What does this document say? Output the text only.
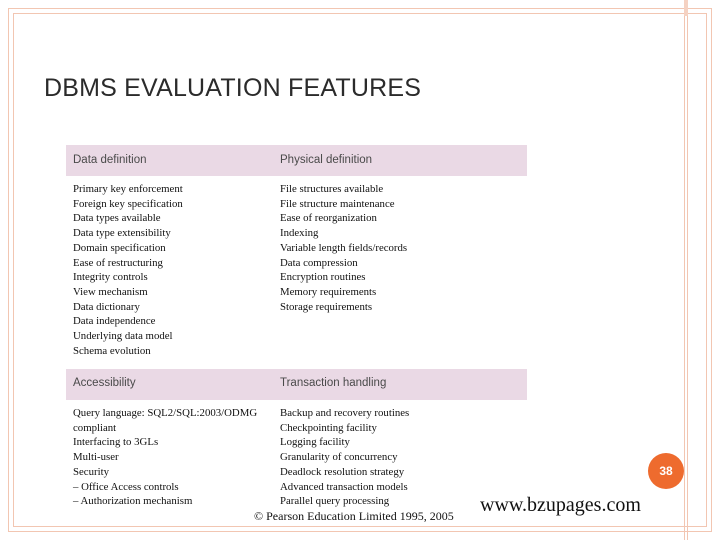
DBMS EVALUATION FEATURES
Data definition	Physical definition
Primary key enforcement
Foreign key specification
Data types available
Data type extensibility
Domain specification
Ease of restructuring
Integrity controls
View mechanism
Data dictionary
Data independence
Underlying data model
Schema evolution
File structures available
File structure maintenance
Ease of reorganization
Indexing
Variable length fields/records
Data compression
Encryption routines
Memory requirements
Storage requirements
Accessibility	Transaction handling
Query language: SQL2/SQL:2003/ODMG
compliant
Interfacing to 3GLs
Multi-user
Security
– Office Access controls
– Authorization mechanism
Backup and recovery routines
Checkpointing facility
Logging facility
Granularity of concurrency
Deadlock resolution strategy
Advanced transaction models
Parallel query processing
38
© Pearson Education Limited 1995, 2005 www.bzupages.com
